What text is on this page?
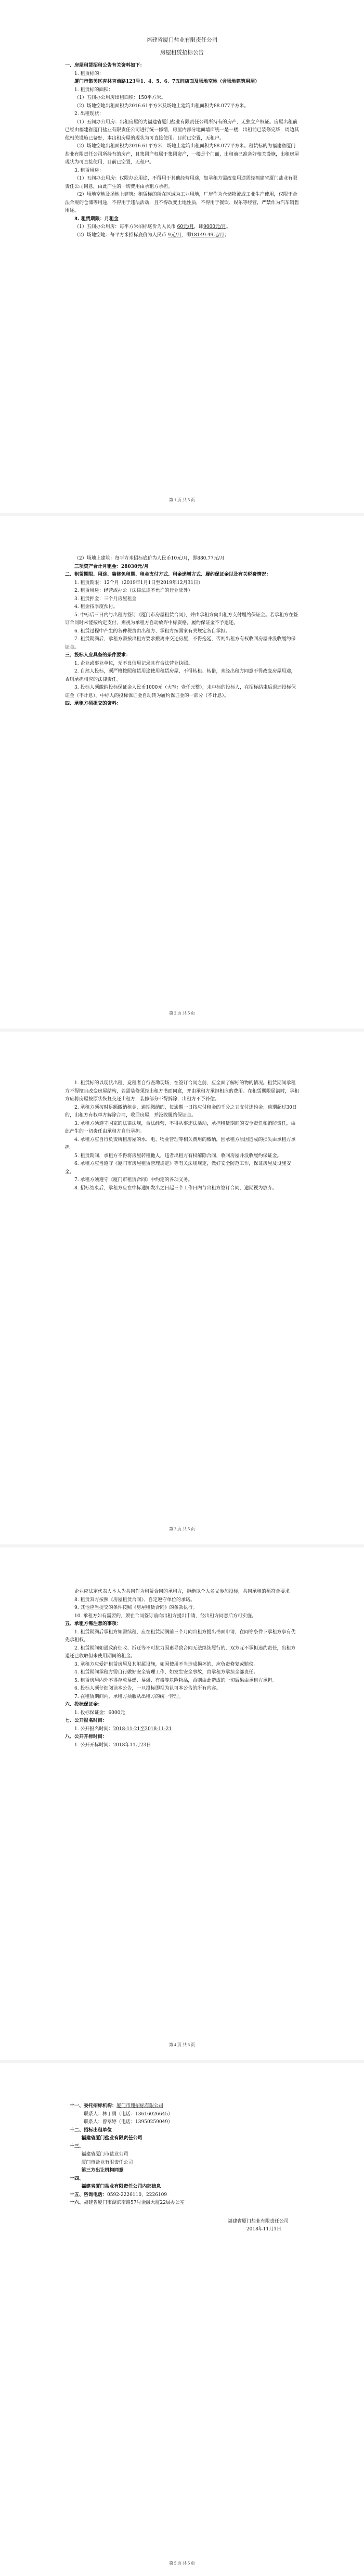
福建省厦门盐业有限责任公司

房屋租赁招标公告

一、房屋租赁招租公告有关资料如下：

1. 租赁标的：

厦门市集美区杏林杏前路123号1、4、5、6、7五间店面及场地空地（含场地建筑用屋）

1. 租赁标的面积：

（1）五间办公用房出租面积：150平方米。

（2）场地空地出租面积为2016.61平方米及场地上建筑出租面积为88.077平方米。

2. 出租现状：

（1）五间办公用房：出租房屋的为福建省厦门盐业有限责任公司所持有的房产，无独立产权证。房屋出租前已经由福建省厦门盐业有限责任公司进行统一修缮，房屋内部分地面墙面统一是一楼，出租前已装修完毕，周边其他相关设施已备好，本出租房屋的现状为可直接使用。目前已空置，无租户。

（2）场地空地出租面积为2016.61平方米，场地上建筑出租面积为88.077平方米。租赁标的为福建省厦门盐业有限责任公司所持有的房产，且集团产权属于集团资产，一楼是个门面，出租前已准备好相关设施，出租房屋现状为可直接使用，目前已空置，无租户。

3. 租赁用途：

（1）五间办公用房：仅限办公用途，不得用于其他经营用途，如承租方需改变用途需经福建省厦门盐业有限责任公司同意，由此产生的一切费用由承租方承担。

（2）场地空地及场地上建筑：租赁标的所在区域为工业用地，厂房作为仓储物流或工业生产使用，仅限于合法合规的仓储等用途，不得用于违法活动，且不得改变土地性质，不得用于餐饮、娱乐等经营，严禁作为汽车销售用途。

3. 租赁期限：月租金

（1）五间办公用房：每平方米招标底价为人民币 60元/月，即9000元/月。

（2）场地空地：每平方米招标底价为人民币 9元/月，即18149.49元/月；

第 1 页 共 5 页

（2）场地上建筑：每平方米招标底价为人民币10元/月，即880.77元/月

三项资产合计月租金：28030元/月

二、租赁期限、用途、装修免租期、租金支付方式、租金递增方式、履约保证金以及有关税费情况：

1. 租赁期限：12个月（2019年1月1日至2019年12月31日）

2. 租赁用途：经营或办公（法律法规不允许的行业除外）

3. 租赁押金：三个月房屋租金

4. 租金按季度预付。

5. 中标后三日内与出租方签订《厦门市房屋租赁合同》，并由承租方向出租方支付履约保证金。若承租方在签订合同时未能按约定支付，则视为承租方自动放弃中标资格，履约保证金不予退还。

6. 租赁过程中产生的各种税费由出租方、承租方按国家有关规定各自承担。

7. 租赁期满后，承租方需按出租方要求搬离并交还房屋，不得拖延，否则出租方有权收回房屋并没收履约保证金。

三、投标人应具备的条件要求：

1. 企业或事业单位，无不良信用记录且有合法营业执照。

2. 自然人投标，须严格按照租赁用途使用租赁房屋，不得转租、转借，未经出租方同意不得改变房屋用途，否则承担相应的法律责任。

3. 投标人须缴纳投标保证金人民币1000元（大写：壹仟元整），未中标的投标人，在招标结束后退还投标保证金（不计息）。中标人的投标保证金自动转为履约保证金的一部分（不计息）。

四、承租方须提交的资料：

第 2 页 共 5 页

1. 租赁标的以现状出租，竞租者自行查勘现场，在签订合同之前，应全面了解标的物的情况。租赁期间承租方不得擅自改变房屋结构，若需装修须经出租方书面同意，并由承租方承担相应的费用。在租赁期限届满时，承租方应将房屋按原状恢复交还出租方，装修部分不得拆除，出租方不予补偿。

2. 承租方须按时足额缴纳租金，逾期缴纳的，每逾期一日按应付租金的千分之五支付违约金；逾期超过30日的，出租方有权单方解除合同，收回房屋，并没收履约保证金。

3. 承租方须遵守国家的法律法规，合法经营，不得从事违法活动，承担租赁期间的安全责任和消防责任，由此产生的一切责任由承租方自行承担。

4. 承租方应自行负责所租房屋的水、电、物业管理等相关费用的缴纳，因承租方原因造成的损失由承租方承担。

5. 租赁期间，承租方不得将房屋转租他人，违者出租方有权解除合同，收回房屋并没收履约保证金。

6. 承租方应当遵守《厦门市房屋租赁管理规定》等有关法规规定，做好安全防范工作，保证房屋及设施安全。

7. 承租方须遵守《厦门市租赁合同》中约定的各项义务。

8. 招标结束后，承租方应在中标通知发出之日起三个工作日内与出租方签订合同，逾期视为放弃。

第 3 页 共 5 页

企业应法定代表人本人为共同作为租赁合同的承租方，拒绝以个人名义参加投标，共同承租的须符合要求。

8. 租赁双方按照《房屋租赁合同》、自定遵守单位的承诺。

9. 其他应当提交的条件按照《房屋租赁合同》的条款执行。

10. 承租方如有需要的，须在合同签订前向出租方提出申请，经出租方同意后方可实施。

五、承租方需注意的事项：

1. 租赁期满后承租方如需续租，应在租赁期满前三个月向出租方提出书面申请，在同等条件下承租方享有优先承租权。

2. 租赁期间如遇政府征收、拆迁等不可抗力因素导致合同无法继续履行的，双方互不承担违约责任，出租方退还已收取但未使用期间的租金。

3. 承租方应爱护租赁房屋及其附属设施，如因使用不当造成损坏的，应负责修复或赔偿。

4. 租赁期间承租方需自行做好安全管理工作，如发生安全事故，由承租方承担全部责任。

5. 租赁房屋内外不得存放易燃、易爆、有毒等危险物品，否则由此造成的一切后果由承租方承担。

6. 投标人须仔细阅读本公告，一旦投标即视为认可本公告的所有内容。

7. 在租赁期间内，承租方须服从出租方的统一管理。

六、投标保证金：

1. 投标保证金：6000元

七、公开报名时间：

1. 公开报名时间：2018-11-21至2018-11-21

八、公开开标时间：

1. 公开开标时间：2018年11月23日

第 4 页 共 5 页

十一、委托招标机构：厦门市翔招标有限公司

联系人：林丁勇（电话：13616026645）

联系人：曾翠婷（电话：13950259049）

十二、招标出租单位

福建省厦门盐业有限责任公司

十三、

福建省厦门市盐业公司

厦门市盐业有限责任公司

第三方出让机构同意

十四、

福建省厦门盐业有限责任公司内部信息

十五、咨询电话：0592-2226110，2226109

十六、福建省厦门市湖滨南路57号金融大厦22层办公室

福建省厦门盐业有限责任公司

2018年11月1日

第 5 页 共 5 页
